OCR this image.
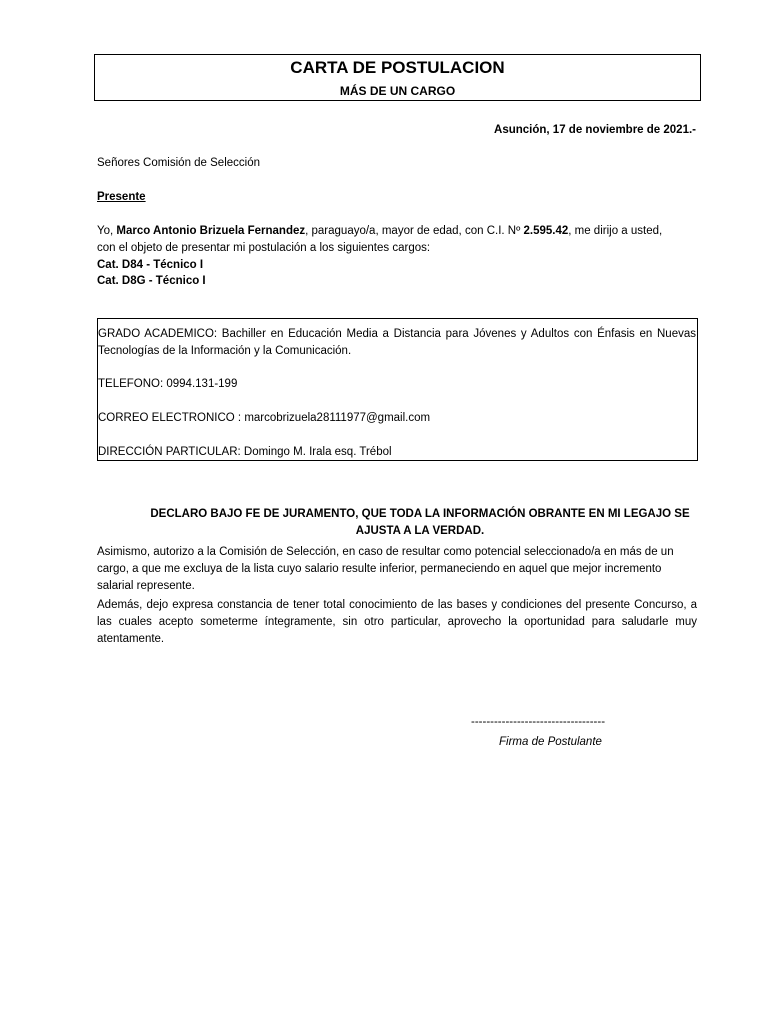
CARTA DE POSTULACION
MÁS DE UN CARGO
Asunción, 17 de noviembre de 2021.-
Señores Comisión de Selección
Presente
Yo, Marco Antonio Brizuela Fernandez, paraguayo/a, mayor de edad, con C.I. Nº 2.595.42, me dirijo a usted, con el objeto de presentar mi postulación a los siguientes cargos:
Cat. D84 - Técnico I
Cat. D8G - Técnico I
GRADO ACADEMICO: Bachiller en Educación Media a Distancia para Jóvenes y Adultos con Énfasis en Nuevas Tecnologías de la Información y la Comunicación.
TELEFONO: 0994.131-199
CORREO ELECTRONICO : marcobrizuela28111977@gmail.com
DIRECCIÓN PARTICULAR: Domingo M. Irala esq. Trébol
DECLARO BAJO FE DE JURAMENTO, QUE TODA LA INFORMACIÓN OBRANTE EN MI LEGAJO SE AJUSTA A LA VERDAD.
Asimismo, autorizo a la Comisión de Selección, en caso de resultar como potencial seleccionado/a en más de un cargo, a que me excluya de la lista cuyo salario resulte inferior, permaneciendo en aquel que mejor incremento salarial represente.
Además, dejo expresa constancia de tener total conocimiento de las bases y condiciones del presente Concurso, a las cuales acepto someterme íntegramente, sin otro particular, aprovecho la oportunidad para saludarle muy atentamente.
-----------------------------------
Firma de Postulante
